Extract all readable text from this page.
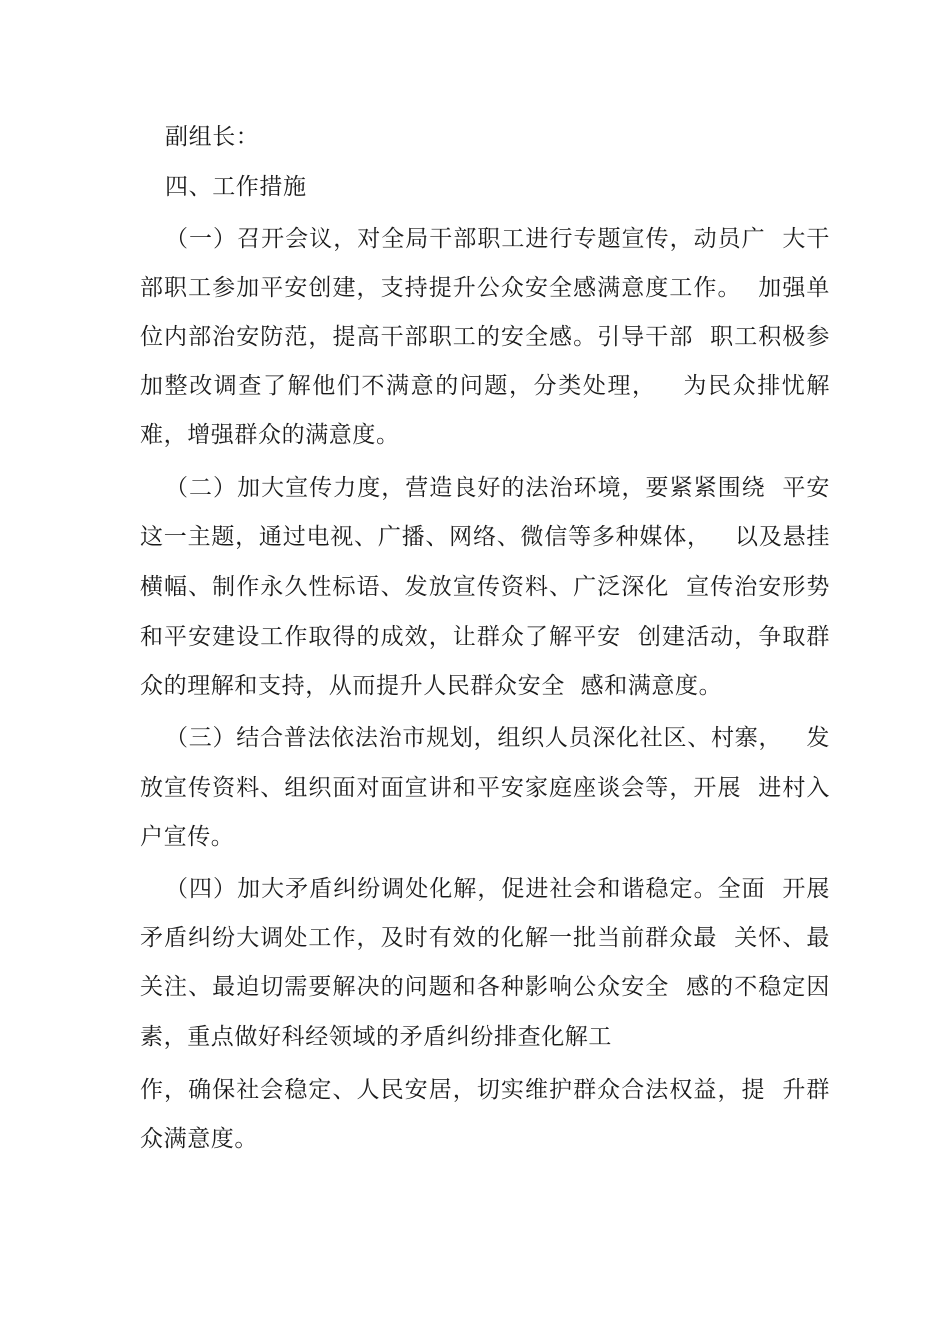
副组长：
四、工作措施
（一）召开会议，对全局干部职工进行专题宣传，动员广  大干
部职工参加平安创建，支持提升公众安全感满意度工作。  加强单
位内部治安防范，提高干部职工的安全感。引导干部  职工积极参
加整改调查了解他们不满意的问题，分类处理，   为民众排忧解
难，增强群众的满意度。
（二）加大宣传力度，营造良好的法治环境，要紧紧围绕  平安
这一主题，通过电视、广播、网络、微信等多种媒体，   以及悬挂
横幅、制作永久性标语、发放宣传资料、广泛深化  宣传治安形势
和平安建设工作取得的成效，让群众了解平安  创建活动，争取群
众的理解和支持，从而提升人民群众安全  感和满意度。
（三）结合普法依法治市规划，组织人员深化社区、村寨，   发
放宣传资料、组织面对面宣讲和平安家庭座谈会等，开展  进村入
户宣传。
（四）加大矛盾纠纷调处化解，促进社会和谐稳定。全面  开展
矛盾纠纷大调处工作，及时有效的化解一批当前群众最  关怀、最
关注、最迫切需要解决的问题和各种影响公众安全  感的不稳定因
素，重点做好科经领域的矛盾纠纷排查化解工
作，确保社会稳定、人民安居，切实维护群众合法权益，提  升群
众满意度。
